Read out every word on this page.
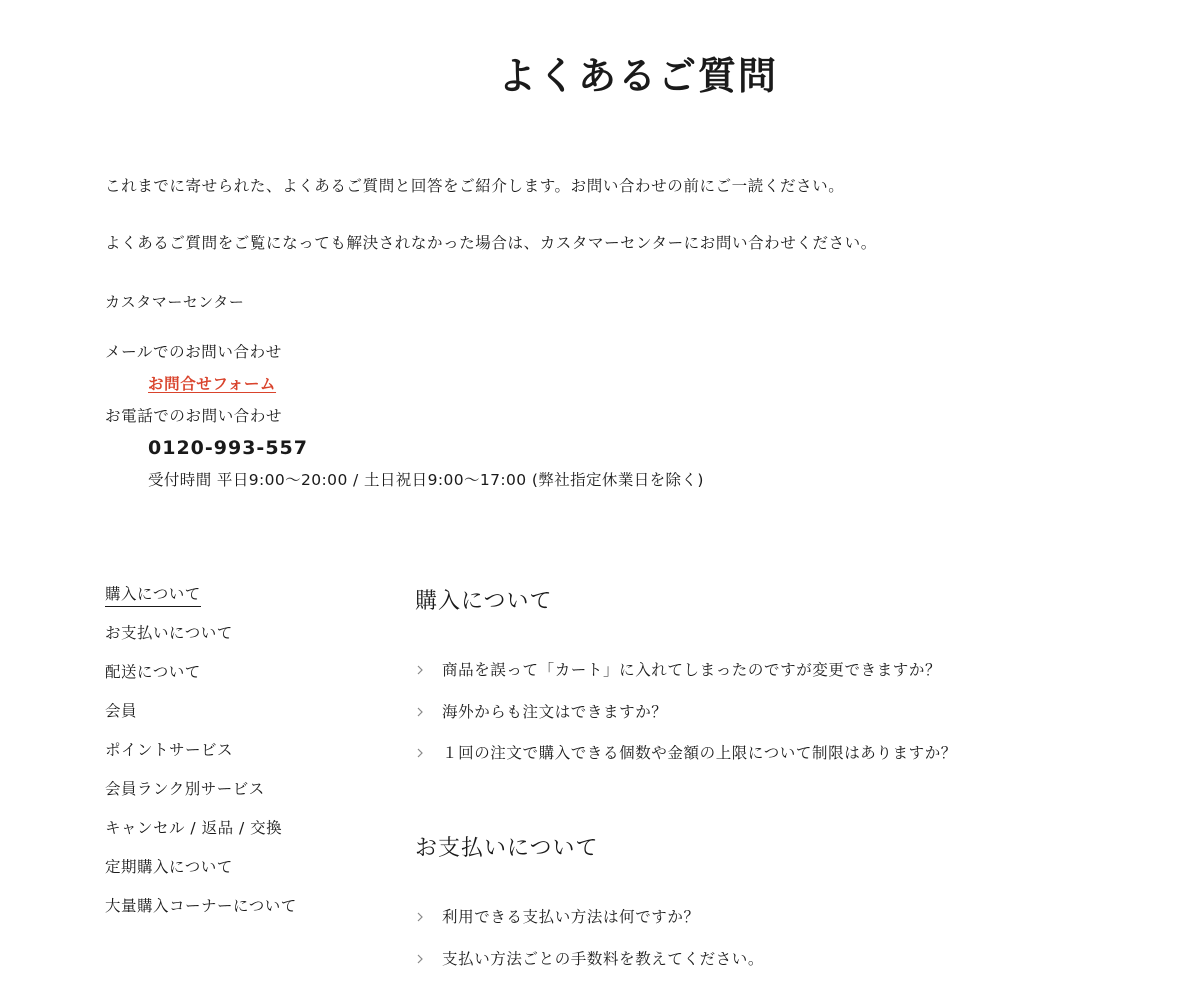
よくあるご質問

これまでに寄せられた、よくあるご質問と回答をご紹介します。お問い合わせの前にご一読ください。

よくあるご質問をご覧になっても解決されなかった場合は、カスタマーセンターにお問い合わせください。

カスタマーセンター
メールでのお問い合わせ
お問合せフォーム
お電話でのお問い合わせ
0120-993-557
受付時間 平日9:00〜20:00 / 土日祝日9:00〜17:00 (弊社指定休業日を除く)
購入について
お支払いについて
配送について
会員
ポイントサービス
会員ランク別サービス
キャンセル / 返品 / 交換
定期購入について
大量購入コーナーについて
購入について
商品を誤って「カート」に入れてしまったのですが変更できますか？
海外からも注文はできますか？
１回の注文で購入できる個数や金額の上限について制限はありますか？
お支払いについて
利用できる支払い方法は何ですか？
支払い方法ごとの手数料を教えてください。
